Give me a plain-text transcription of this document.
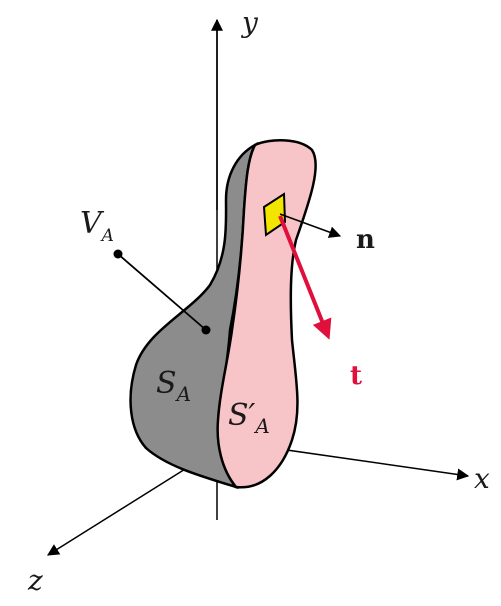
y
x
z
$V_A$
$S_A$
$S'_A$
n
t
